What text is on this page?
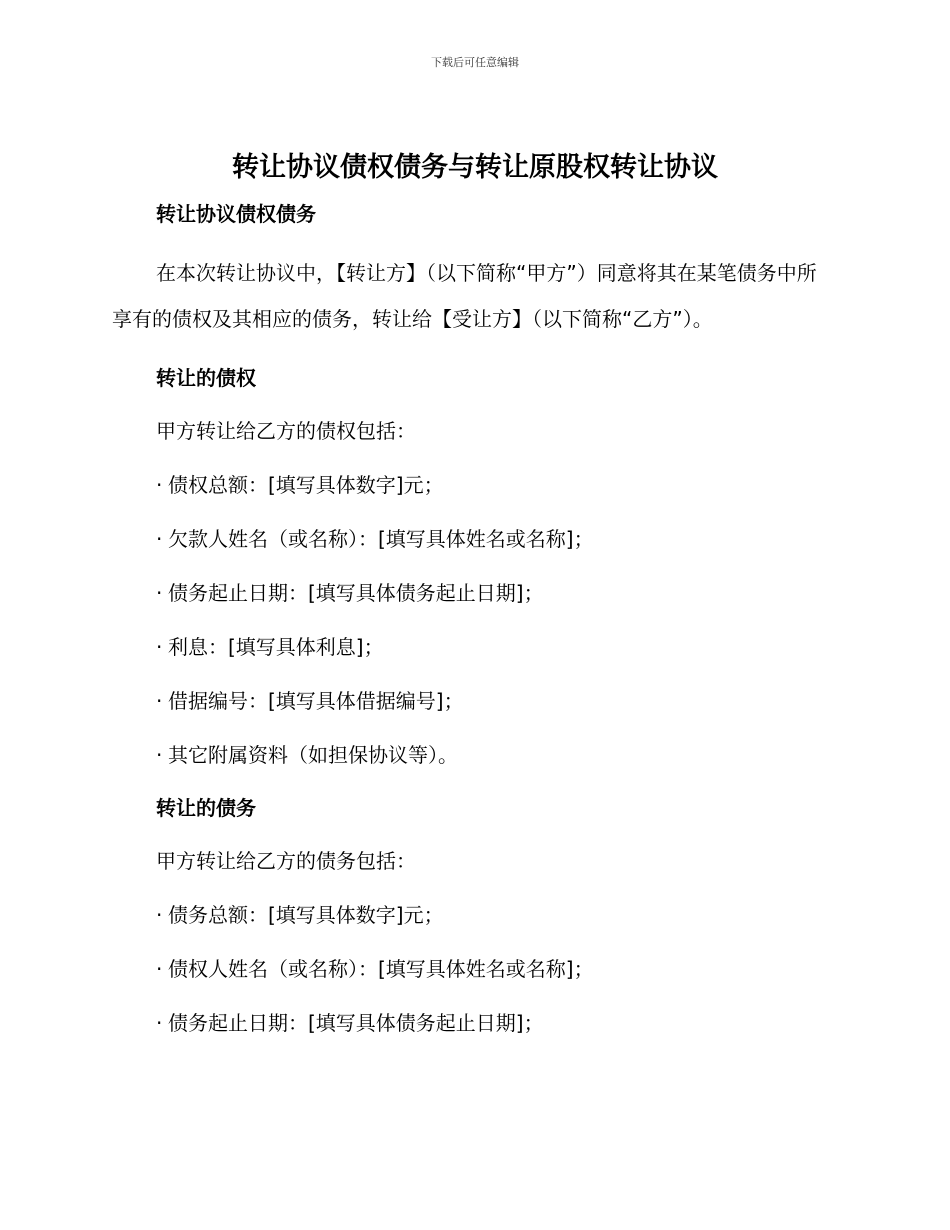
下载后可任意编辑
转让协议债权债务与转让原股权转让协议

转让协议债权债务

在本次转让协议中，【转让方】（以下简称“甲方”）同意将其在某笔债务中所享有的债权及其相应的债务，转让给【受让方】（以下简称“乙方”）。

转让的债权

甲方转让给乙方的债权包括：

· 债权总额：[填写具体数字]元；

· 欠款人姓名（或名称）：[填写具体姓名或名称]；

· 债务起止日期：[填写具体债务起止日期]；

· 利息：[填写具体利息]；

· 借据编号：[填写具体借据编号]；

· 其它附属资料（如担保协议等）。

转让的债务

甲方转让给乙方的债务包括：

· 债务总额：[填写具体数字]元；

· 债权人姓名（或名称）：[填写具体姓名或名称]；

· 债务起止日期：[填写具体债务起止日期]；
